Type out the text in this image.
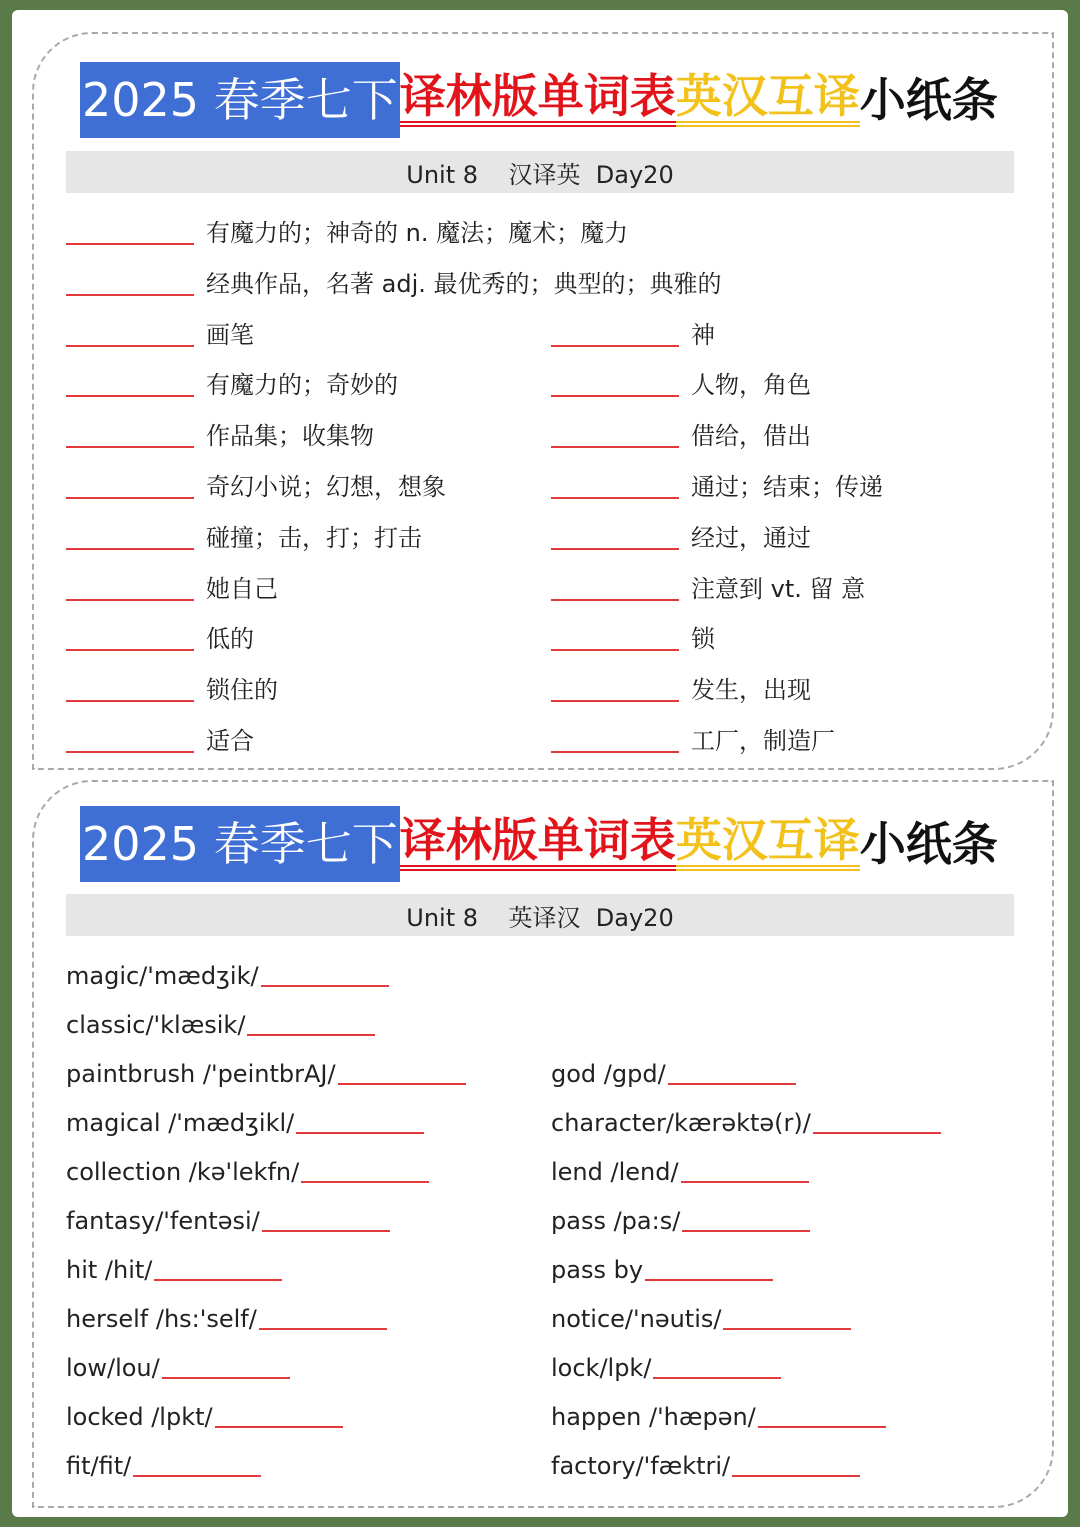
2025 春季七下 译林版单词表 英汉互译 小纸条
Unit 8    汉译英  Day20
有魔力的；神奇的 n. 魔法；魔术；魔力
经典作品，名著 adj. 最优秀的；典型的；典雅的
画笔
有魔力的；奇妙的
作品集；收集物
奇幻小说；幻想，想象
碰撞；击，打；打击
她自己
低的
锁住的
适合
神
人物，角色
借给，借出
通过；结束；传递
经过，通过
注意到 vt. 留 意
锁
发生，出现
工厂，制造厂
2025 春季七下 译林版单词表 英汉互译 小纸条
Unit 8    英译汉  Day20
magic/'mædʒik/
classic/'klæsik/
paintbrush /'peintbrAJ/
magical /'mædʒikl/
collection /kə'lekfn/
fantasy/'fentəsi/
hit /hit/
herself /hs:'self/
low/lou/
locked /lpkt/
fit/fit/
god /gpd/
character/kærəktə(r)/
lend /lend/
pass /pa:s/
pass by
notice/'nəutis/
lock/lpk/
happen /'hæpən/
factory/'fæktri/
